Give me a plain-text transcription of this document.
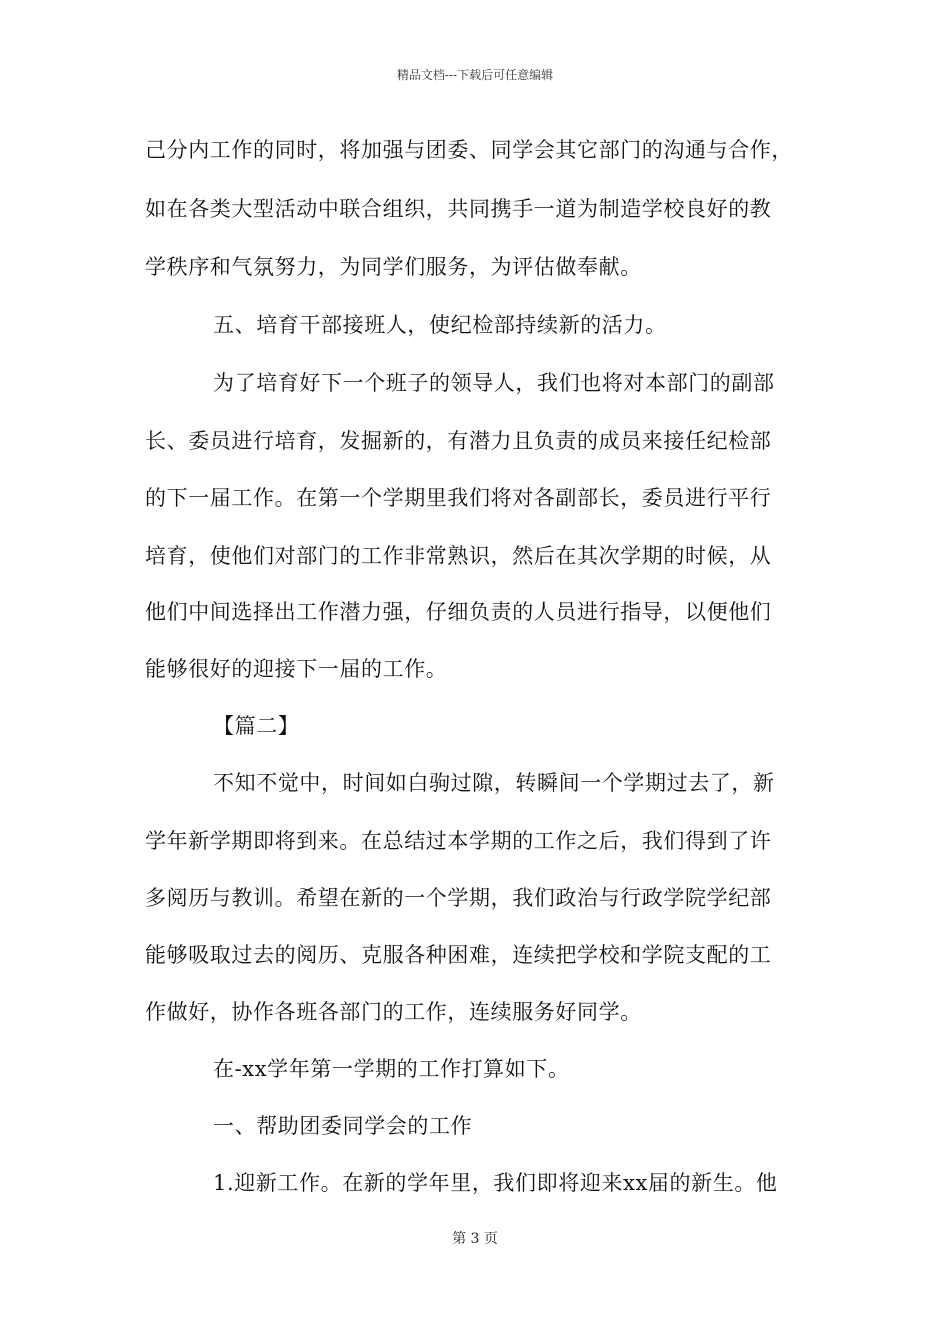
精品文档---下载后可任意编辑
己分内工作的同时，将加强与团委、同学会其它部门的沟通与合作，
如在各类大型活动中联合组织，共同携手一道为制造学校良好的教
学秩序和气氛努力，为同学们服务，为评估做奉献。
五、培育干部接班人，使纪检部持续新的活力。
为了培育好下一个班子的领导人，我们也将对本部门的副部
长、委员进行培育，发掘新的，有潜力且负责的成员来接任纪检部
的下一届工作。在第一个学期里我们将对各副部长，委员进行平行
培育，使他们对部门的工作非常熟识，然后在其次学期的时候，从
他们中间选择出工作潜力强，仔细负责的人员进行指导，以便他们
能够很好的迎接下一届的工作。
【篇二】
不知不觉中，时间如白驹过隙，转瞬间一个学期过去了，新
学年新学期即将到来。在总结过本学期的工作之后，我们得到了许
多阅历与教训。希望在新的一个学期，我们政治与行政学院学纪部
能够吸取过去的阅历、克服各种困难，连续把学校和学院支配的工
作做好，协作各班各部门的工作，连续服务好同学。
在-xx学年第一学期的工作打算如下。
一、帮助团委同学会的工作
1.迎新工作。在新的学年里，我们即将迎来xx届的新生。他
第 3 页
